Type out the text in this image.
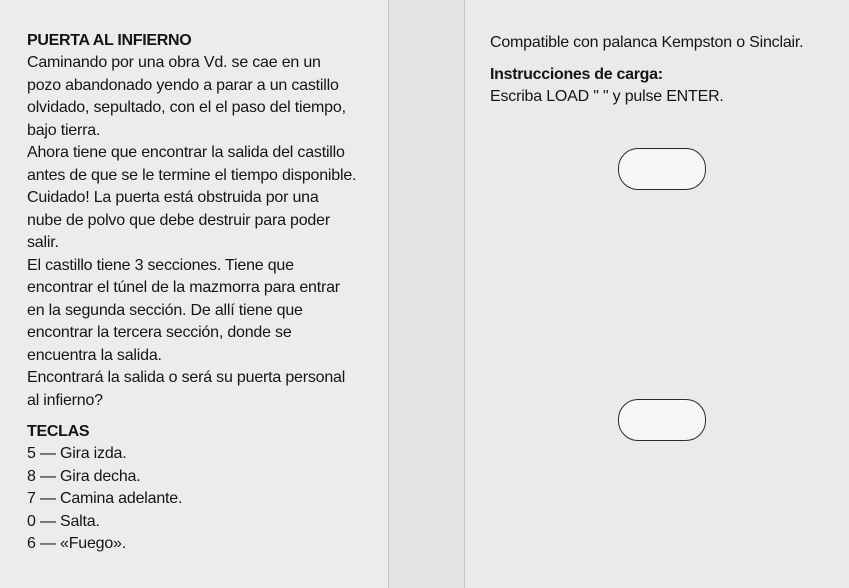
PUERTA AL INFIERNO

Caminando por una obra Vd. se cae en un pozo abandonado yendo a parar a un castillo olvidado, sepultado, con el el paso del tiempo, bajo tierra.

Ahora tiene que encontrar la salida del castillo antes de que se le termine el tiempo disponible.

Cuidado! La puerta está obstruida por una nube de polvo que debe destruir para poder salir.

El castillo tiene 3 secciones. Tiene que encontrar el túnel de la mazmorra para entrar en la segunda sección. De allí tiene que encontrar la tercera sección, donde se encuentra la salida.

Encontrará la salida o será su puerta personal al infierno?

TECLAS
5 — Gira izda.
8 — Gira decha.
7 — Camina adelante.
0 — Salta.
6 — «Fuego».

Compatible con palanca Kempston o Sinclair.

Instrucciones de carga:

Escriba LOAD " " y pulse ENTER.
